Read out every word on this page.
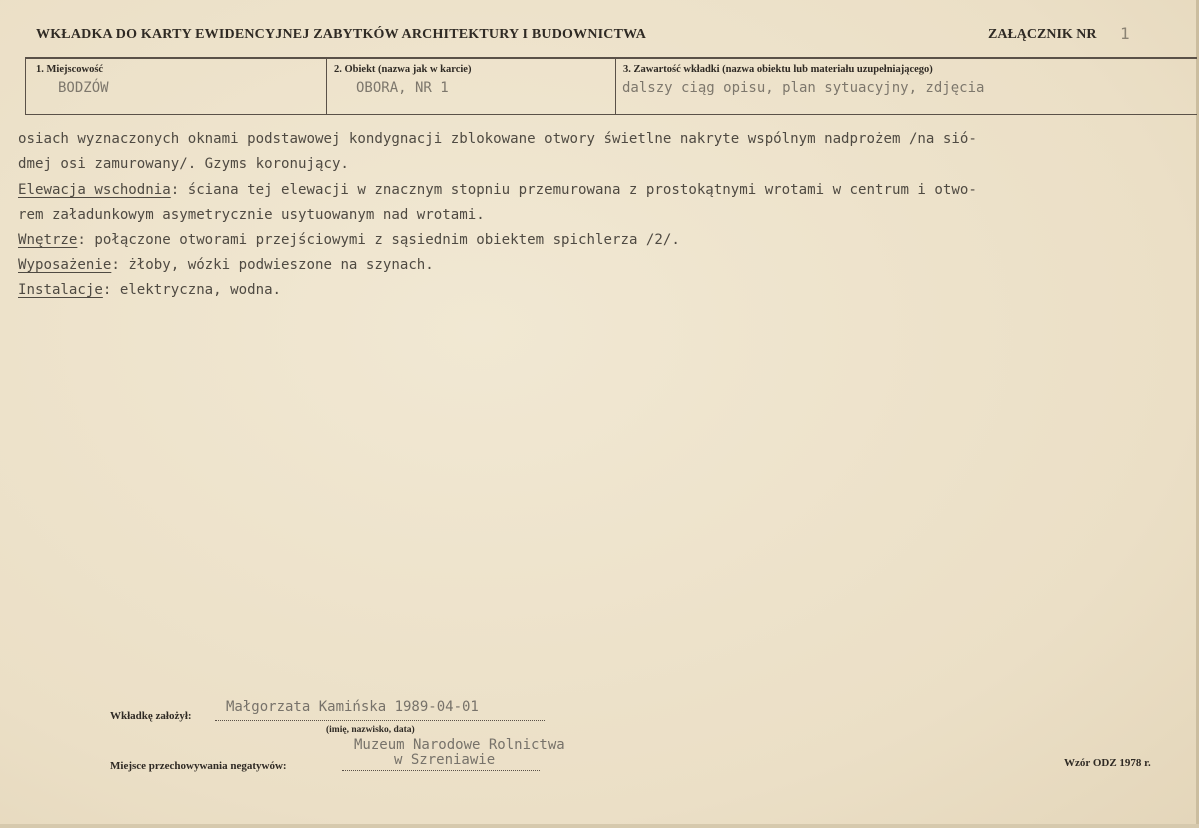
WKŁADKA DO KARTY EWIDENCYJNEJ ZABYTKÓW ARCHITEKTURY I BUDOWNICTWA	ZAŁĄCZNIK NR 1
1. Miejscowość
BODZÓW
2. Obiekt (nazwa jak w karcie)
OBORA, NR 1
3. Zawartość wkładki (nazwa obiektu lub materiału uzupełniającego)
dalszy ciąg opisu, plan sytuacyjny, zdjęcia
osiach wyznaczonych oknami podstawowej kondygnacji zblokowane otwory świetlne nakryte wspólnym nadprożem /na sió-
dmej osi zamurowany/. Gzyms koronujący.
Elewacja wschodnia: ściana tej elewacji w znacznym stopniu przemurowana z prostokątnymi wrotami w centrum i otwo-
rem załadunkowym asymetrycznie usytuowanym nad wrotami.
Wnętrze: połączone otworami przejściowymi z sąsiednim obiektem spichlerza /2/.
Wyposażenie: żłoby, wózki podwieszone na szynach.
Instalacje: elektryczna, wodna.
Wkładkę założył:
Małgorzata Kamińska 1989-04-01
(imię, nazwisko, data)
Muzeum Narodowe Rolnictwa
w Szreniawie
Miejsce przechowywania negatywów:	Wzór ODZ 1978 r.
